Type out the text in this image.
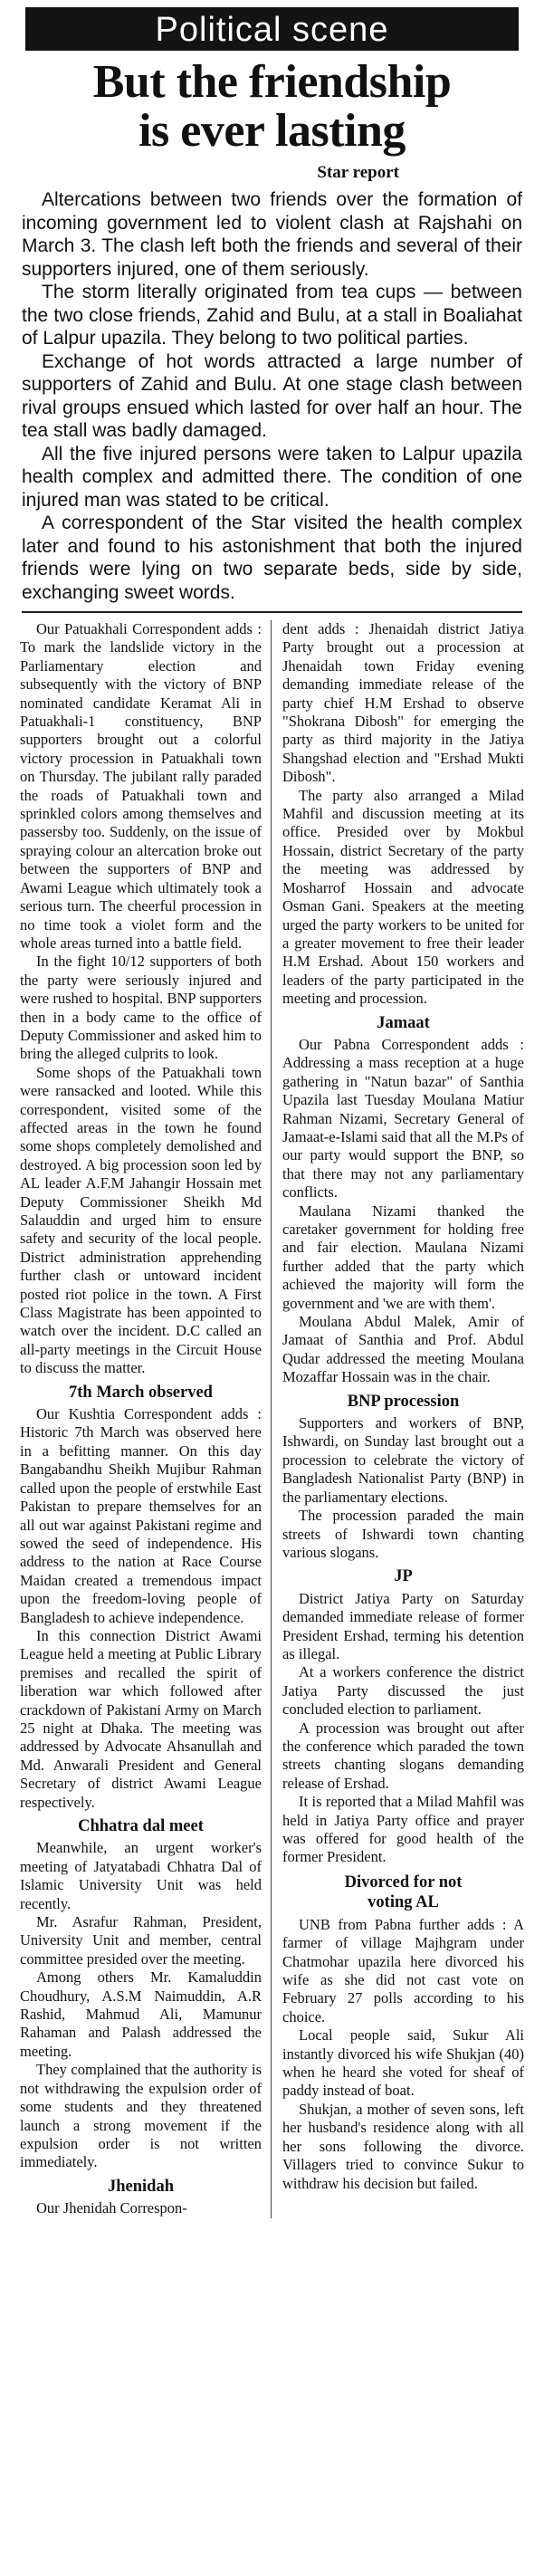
Political scene
But the friendship
is ever lasting
Star report

Altercations between two friends over the formation of incoming government led to violent clash at Rajshahi on March 3. The clash left both the friends and several of their supporters injured, one of them seriously.

The storm literally originated from tea cups — between the two close friends, Zahid and Bulu, at a stall in Boaliahat of Lalpur upazila. They belong to two political parties.

Exchange of hot words attracted a large number of supporters of Zahid and Bulu. At one stage clash between rival groups ensued which lasted for over half an hour. The tea stall was badly damaged.

All the five injured persons were taken to Lalpur upazila health complex and admitted there. The condition of one injured man was stated to be critical.

A correspondent of the Star visited the health complex later and found to his astonishment that both the injured friends were lying on two separate beds, side by side, exchanging sweet words.

Our Patuakhali Correspondent adds : To mark the landslide victory in the Parliamentary election and subsequently with the victory of BNP nominated candidate Keramat Ali in Patuakhali-1 constituency, BNP supporters brought out a colorful victory procession in Patuakhali town on Thursday. The jubilant rally paraded the roads of Patuakhali town and sprinkled colors among themselves and passersby too. Suddenly, on the issue of spraying colour an altercation broke out between the supporters of BNP and Awami League which ultimately took a serious turn. The cheerful procession in no time took a violet form and the whole areas turned into a battle field.

In the fight 10/12 supporters of both the party were seriously injured and were rushed to hospital. BNP supporters then in a body came to the office of Deputy Commissioner and asked him to bring the alleged culprits to look.

Some shops of the Patuakhali town were ransacked and looted. While this correspondent, visited some of the affected areas in the town he found some shops completely demolished and destroyed. A big procession soon led by AL leader A.F.M Jahangir Hossain met Deputy Commissioner Sheikh Md Salauddin and urged him to ensure safety and security of the local people. District administration apprehending further clash or untoward incident posted riot police in the town. A First Class Magistrate has been appointed to watch over the incident. D.C called an all-party meetings in the Circuit House to discuss the matter.

7th March observed

Our Kushtia Correspondent adds : Historic 7th March was observed here in a befitting manner. On this day Bangabandhu Sheikh Mujibur Rahman called upon the people of erstwhile East Pakistan to prepare themselves for an all out war against Pakistani regime and sowed the seed of independence. His address to the nation at Race Course Maidan created a tremendous impact upon the freedom-loving people of Bangladesh to achieve independence.

In this connection District Awami League held a meeting at Public Library premises and recalled the spirit of liberation war which followed after crackdown of Pakistani Army on March 25 night at Dhaka. The meeting was addressed by Advocate Ahsanullah and Md. Anwarali President and General Secretary of district Awami League respectively.

Chhatra dal meet

Meanwhile, an urgent worker's meeting of Jatyatabadi Chhatra Dal of Islamic University Unit was held recently.

Mr. Asrafur Rahman, President, University Unit and member, central committee presided over the meeting.

Among others Mr. Kamaluddin Choudhury, A.S.M Naimuddin, A.R Rashid, Mahmud Ali, Mamunur Rahaman and Palash addressed the meeting.

They complained that the authority is not withdrawing the expulsion order of some students and they threatened launch a strong movement if the expulsion order is not written immediately.

Jhenidah

Our Jhenidah Correspon-

dent adds : Jhenaidah district Jatiya Party brought out a procession at Jhenaidah town Friday evening demanding immediate release of the party chief H.M Ershad to observe "Shokrana Dibosh" for emerging the party as third majority in the Jatiya Shangshad election and "Ershad Mukti Dibosh".

The party also arranged a Milad Mahfil and discussion meeting at its office. Presided over by Mokbul Hossain, district Secretary of the party the meeting was addressed by Mosharrof Hossain and advocate Osman Gani. Speakers at the meeting urged the party workers to be united for a greater movement to free their leader H.M Ershad. About 150 workers and leaders of the party participated in the meeting and procession.

Jamaat

Our Pabna Correspondent adds : Addressing a mass reception at a huge gathering in "Natun bazar" of Santhia Upazila last Tuesday Moulana Matiur Rahman Nizami, Secretary General of Jamaat-e-Islami said that all the M.Ps of our party would support the BNP, so that there may not any parliamentary conflicts.

Maulana Nizami thanked the caretaker government for holding free and fair election. Maulana Nizami further added that the party which achieved the majority will form the government and 'we are with them'.

Moulana Abdul Malek, Amir of Jamaat of Santhia and Prof. Abdul Qudar addressed the meeting Moulana Mozaffar Hossain was in the chair.

BNP procession

Supporters and workers of BNP, Ishwardi, on Sunday last brought out a procession to celebrate the victory of Bangladesh Nationalist Party (BNP) in the parliamentary elections.

The procession paraded the main streets of Ishwardi town chanting various slogans.

JP

District Jatiya Party on Saturday demanded immediate release of former President Ershad, terming his detention as illegal.

At a workers conference the district Jatiya Party discussed the just concluded election to parliament.

A procession was brought out after the conference which paraded the town streets chanting slogans demanding release of Ershad.

It is reported that a Milad Mahfil was held in Jatiya Party office and prayer was offered for good health of the former President.

Divorced for not
voting AL

UNB from Pabna further adds : A farmer of village Majhgram under Chatmohar upazila here divorced his wife as she did not cast vote on February 27 polls according to his choice.

Local people said, Sukur Ali instantly divorced his wife Shukjan (40) when he heard she voted for sheaf of paddy instead of boat.

Shukjan, a mother of seven sons, left her husband's residence along with all her sons following the divorce. Villagers tried to convince Sukur to withdraw his decision but failed.
